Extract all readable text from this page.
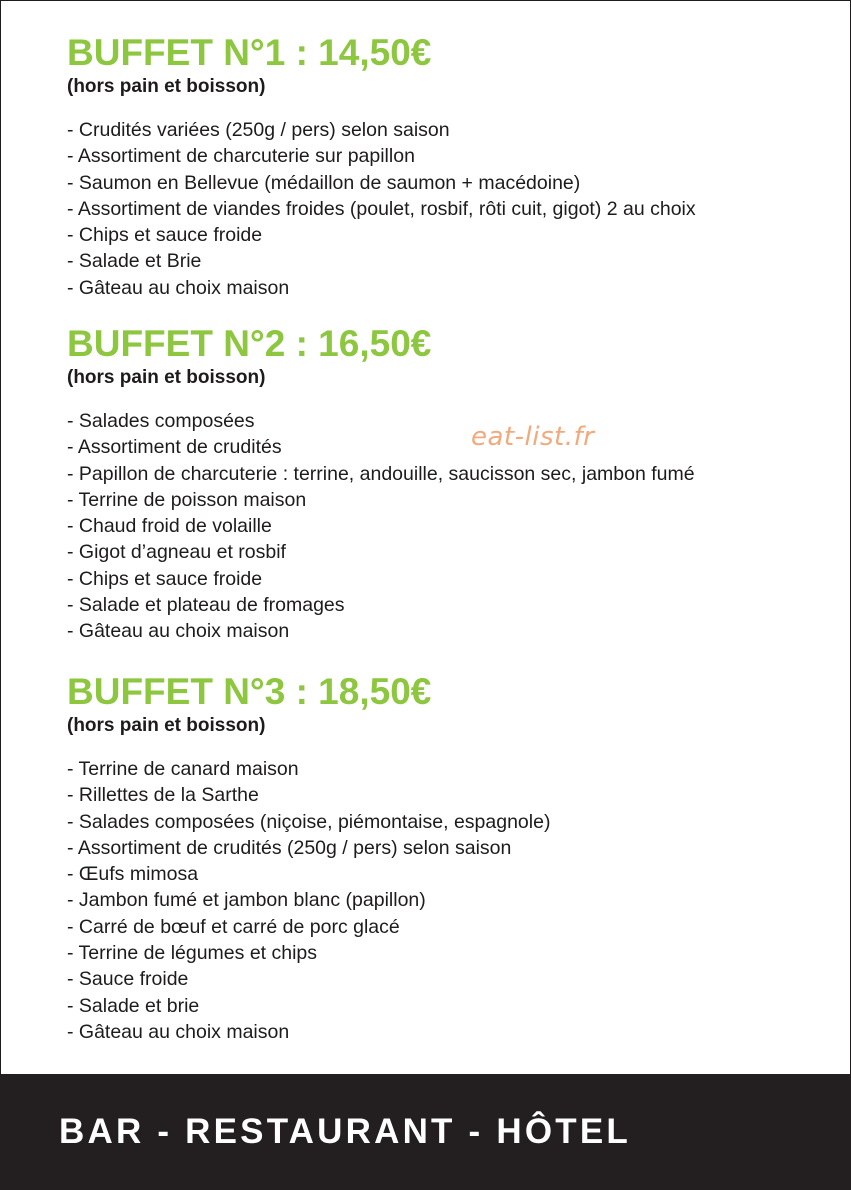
BUFFET N°1 : 14,50€
(hors pain et boisson)
- Crudités variées (250g / pers) selon saison
- Assortiment de charcuterie sur papillon
- Saumon en Bellevue (médaillon de saumon + macédoine)
- Assortiment de viandes froides (poulet, rosbif, rôti cuit, gigot) 2 au choix
- Chips et sauce froide
- Salade et Brie
- Gâteau au choix maison
BUFFET N°2 : 16,50€
(hors pain et boisson)
- Salades composées
- Assortiment de crudités
- Papillon de charcuterie : terrine, andouille, saucisson sec, jambon fumé
- Terrine de poisson maison
- Chaud froid de volaille
- Gigot d’agneau et rosbif
- Chips et sauce froide
- Salade et plateau de fromages
- Gâteau au choix maison
BUFFET N°3 : 18,50€
(hors pain et boisson)
- Terrine de canard maison
- Rillettes de la Sarthe
- Salades composées (niçoise, piémontaise, espagnole)
- Assortiment de crudités (250g / pers) selon saison
- Œufs mimosa
- Jambon fumé et jambon blanc (papillon)
- Carré de bœuf et carré de porc glacé
- Terrine de légumes et chips
- Sauce froide
- Salade et brie
- Gâteau au choix maison
eat-list.fr
BAR - RESTAURANT - HÔTEL
